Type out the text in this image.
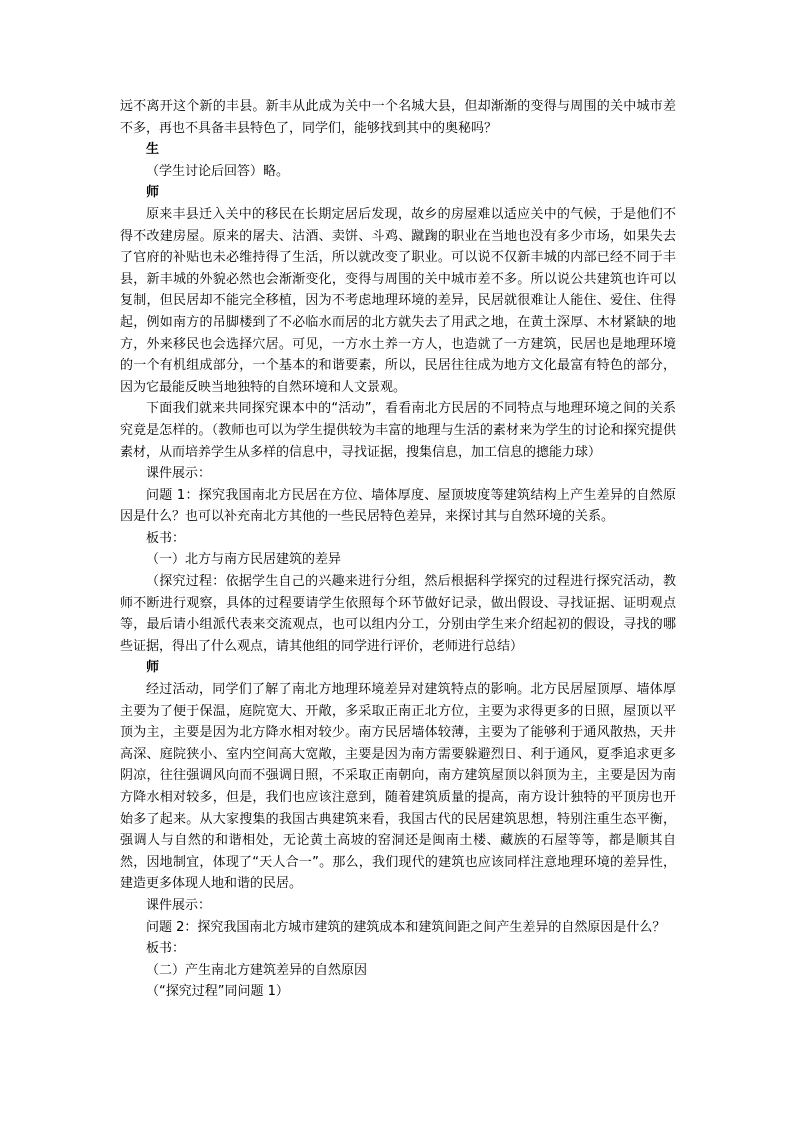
远不离开这个新的丰县。新丰从此成为关中一个名城大县，但却渐渐的变得与周围的关中城市差不多，再也不具备丰县特色了，同学们，能够找到其中的奥秘吗？

生

（学生讨论后回答）略。

师

原来丰县迁入关中的移民在长期定居后发现，故乡的房屋难以适应关中的气候，于是他们不得不改建房屋。原来的屠夫、沽酒、卖饼、斗鸡、蹴踘的职业在当地也没有多少市场，如果失去了官府的补贴也未必维持得了生活，所以就改变了职业。可以说不仅新丰城的内部已经不同于丰县，新丰城的外貌必然也会渐渐变化，变得与周围的关中城市差不多。所以说公共建筑也许可以复制，但民居却不能完全移植，因为不考虑地理环境的差异，民居就很难让人能住、爱住、住得起，例如南方的吊脚楼到了不必临水而居的北方就失去了用武之地，在黄土深厚、木材紧缺的地方，外来移民也会选择穴居。可见，一方水土养一方人，也造就了一方建筑，民居也是地理环境的一个有机组成部分，一个基本的和谐要素，所以，民居往往成为地方文化最富有特色的部分，因为它最能反映当地独特的自然环境和人文景观。

下面我们就来共同探究课本中的“活动”，看看南北方民居的不同特点与地理环境之间的关系究竟是怎样的。（教师也可以为学生提供较为丰富的地理与生活的素材来为学生的讨论和探究提供素材，从而培养学生从多样的信息中，寻找证据，搜集信息，加工信息的摠能力球）

课件展示：

问题 1：探究我国南北方民居在方位、墙体厚度、屋顶坡度等建筑结构上产生差异的自然原因是什么？也可以补充南北方其他的一些民居特色差异，来探讨其与自然环境的关系。

板书：

（一）北方与南方民居建筑的差异

（探究过程：依据学生自己的兴趣来进行分组，然后根据科学探究的过程进行探究活动，教师不断进行观察，具体的过程要请学生依照每个环节做好记录，做出假设、寻找证据、证明观点等，最后请小组派代表来交流观点，也可以组内分工，分别由学生来介绍起初的假设，寻找的哪些证据，得出了什么观点，请其他组的同学进行评价，老师进行总结）

师

经过活动，同学们了解了南北方地理环境差异对建筑特点的影响。北方民居屋顶厚、墙体厚主要为了便于保温，庭院宽大、开敞，多采取正南正北方位，主要为求得更多的日照，屋顶以平顶为主，主要是因为北方降水相对较少。南方民居墙体较薄，主要为了能够利于通风散热，天井高深、庭院狭小、室内空间高大宽敞，主要是因为南方需要躲避烈日、利于通风，夏季追求更多阴凉，往往强调风向而不强调日照，不采取正南朝向，南方建筑屋顶以斜顶为主，主要是因为南方降水相对较多，但是，我们也应该注意到，随着建筑质量的提高，南方设计独特的平顶房也开始多了起来。从大家搜集的我国古典建筑来看，我国古代的民居建筑思想，特别注重生态平衡，强调人与自然的和谐相处，无论黄土高坡的窑洞还是闽南土楼、藏族的石屋等等，都是顺其自然，因地制宜，体现了“天人合一”。那么，我们现代的建筑也应该同样注意地理环境的差异性，建造更多体现人地和谐的民居。

课件展示：

问题 2：探究我国南北方城市建筑的建筑成本和建筑间距之间产生差异的自然原因是什么？

板书：

（二）产生南北方建筑差异的自然原因

（“探究过程”同问题 1）
